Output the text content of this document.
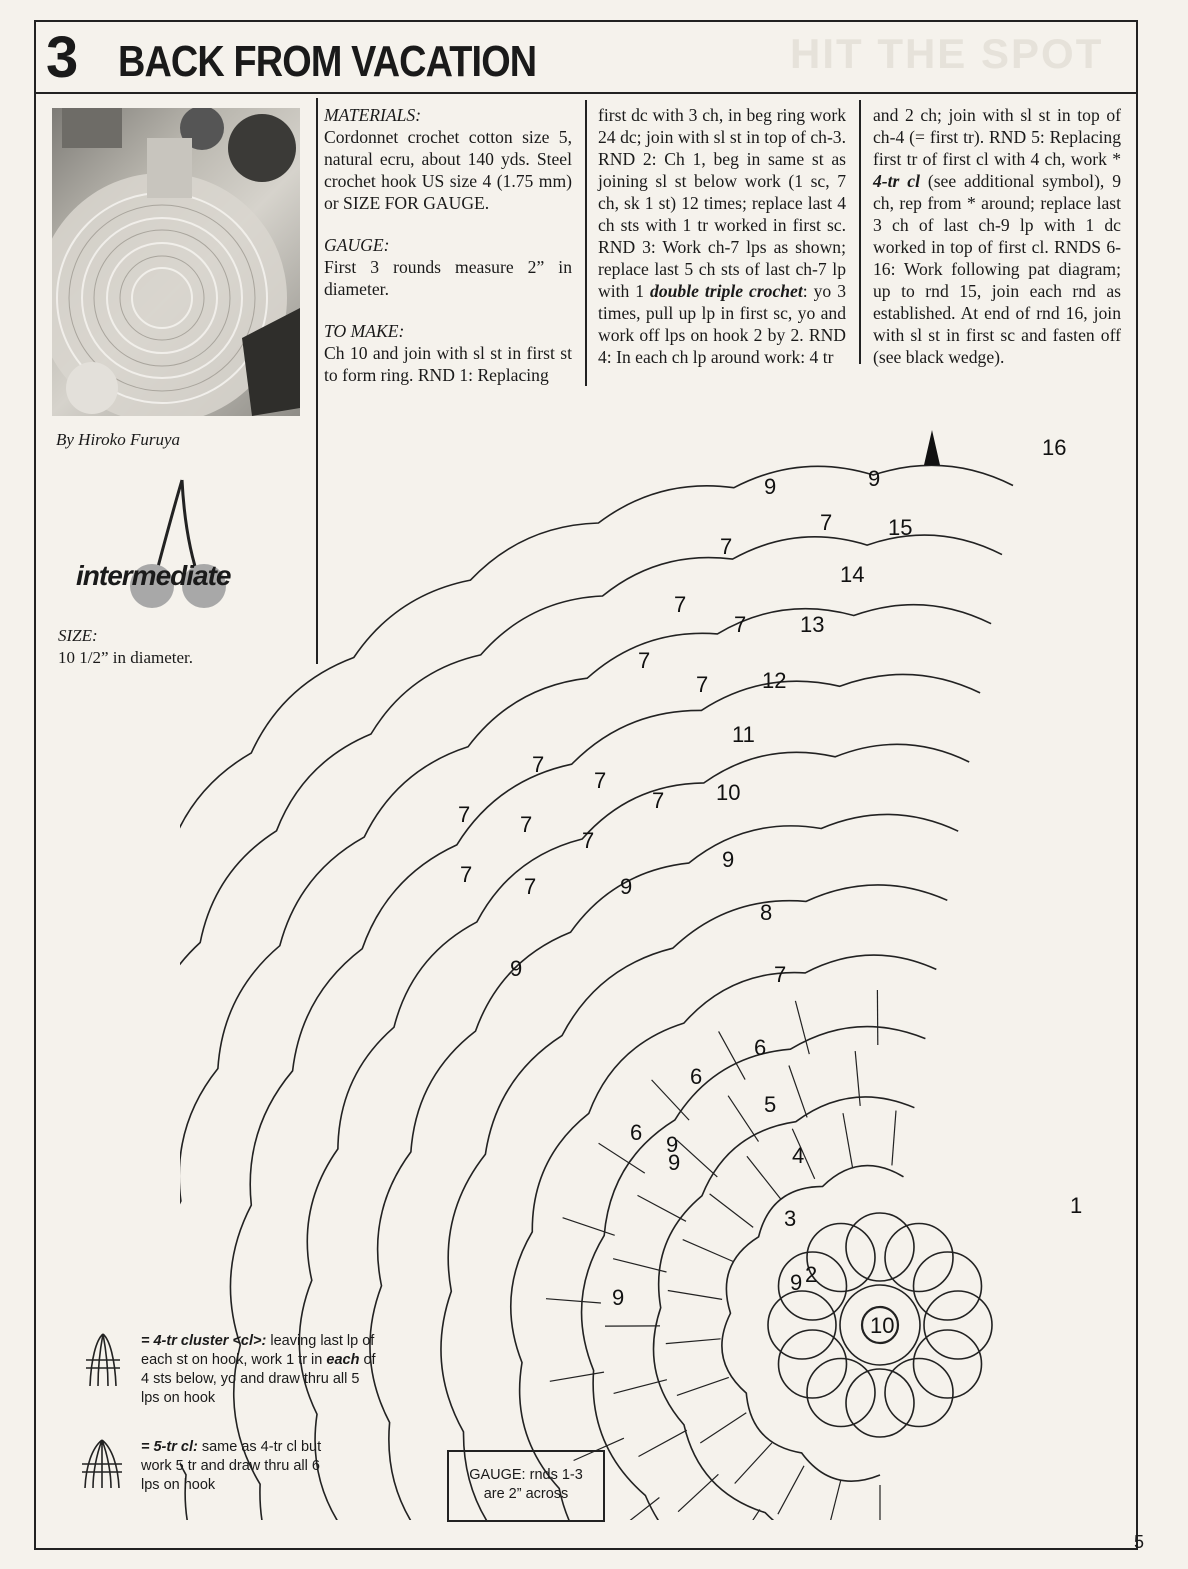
HIT THE SPOT
3 BACK FROM VACATION
By Hiroko Furuya
intermediate
SIZE:
10 1/2” in diameter.

MATERIALS:

Cordonnet crochet cotton size 5, natural ecru, about 140 yds. Steel crochet hook US size 4 (1.75 mm) or SIZE FOR GAUGE.

GAUGE:

First 3 rounds measure 2” in diameter.

TO MAKE:

Ch 10 and join with sl st in first st to form ring. RND 1: Replacing

first dc with 3 ch, in beg ring work 24 dc; join with sl st in top of ch-3. RND 2: Ch 1, beg in same st as joining sl st below work (1 sc, 7 ch, sk 1 st) 12 times; replace last 4 ch sts with 1 tr worked in first sc. RND 3: Work ch-7 lps as shown; replace last 5 ch sts of last ch-7 lp with 1 double triple crochet: yo 3 times, pull up lp in first sc, yo and work off lps on hook 2 by 2. RND 4: In each ch lp around work: 4 tr

and 2 ch; join with sl st in top of ch-4 (= first tr). RND 5: Replacing first tr of first cl with 4 ch, work * 4-tr cl (see additional symbol), 9 ch, rep from * around; replace last 3 ch of last ch-9 lp with 1 dc worked in top of first cl. RNDS 6-16: Work following pat diagram; up to rnd 15, join each rnd as established. At end of rnd 16, join with sl st in first sc and fasten off (see black wedge).

10
1
2
3
4
5
6
7
8
9
10
11
12
13
14
15
16
9	9
7
7
7
7
7
7
7
7
7
7 7
7
7 7	9
9
9
6
6
9
9
9
= 4-tr cluster <cl>: leaving last lp of each st on hook, work 1 tr in each of 4 sts below, yo and draw thru all 5 lps on hook
= 5-tr cl: same as 4-tr cl but work 5 tr and draw thru all 6 lps on hook
GAUGE: rnds 1-3
are 2” across
5
